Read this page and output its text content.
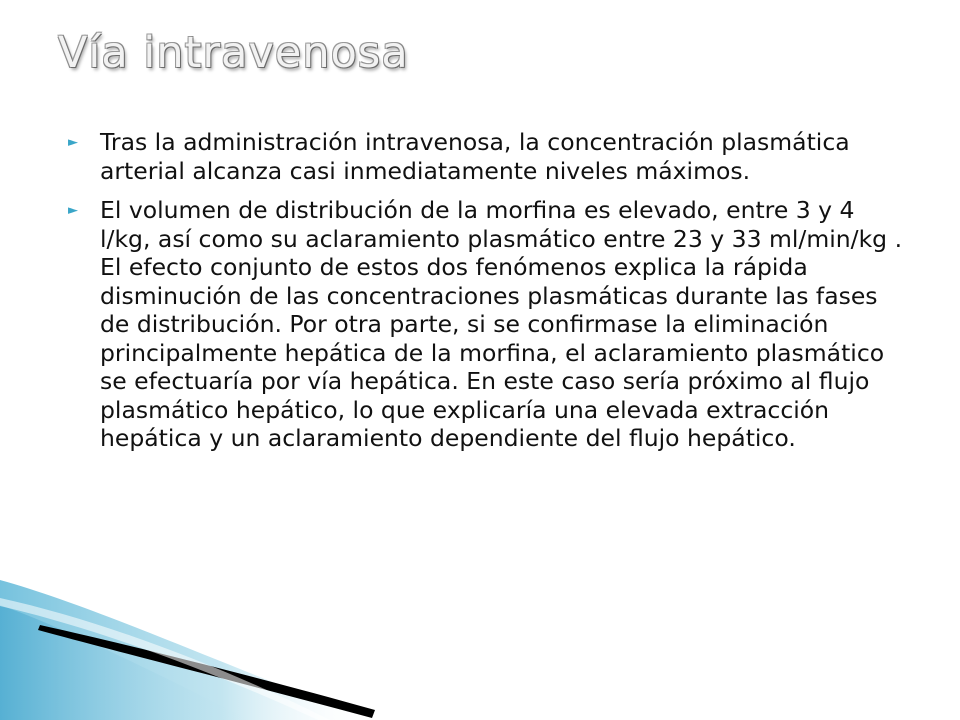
Vía intravenosa
► Tras la administración intravenosa, la concentración plasmática arterial alcanza casi inmediatamente niveles máximos.
► El volumen de distribución de la morfina es elevado, entre 3 y 4 l/kg, así como su aclaramiento plasmático entre 23 y 33 ml/min/kg . El efecto conjunto de estos dos fenómenos explica la rápida disminución de las concentraciones plasmáticas durante las fases de distribución. Por otra parte, si se confirmase la eliminación principalmente hepática de la morfina, el aclaramiento plasmático se efectuaría por vía hepática. En este caso sería próximo al flujo plasmático hepático, lo que explicaría una elevada extracción hepática y un aclaramiento dependiente del flujo hepático.
